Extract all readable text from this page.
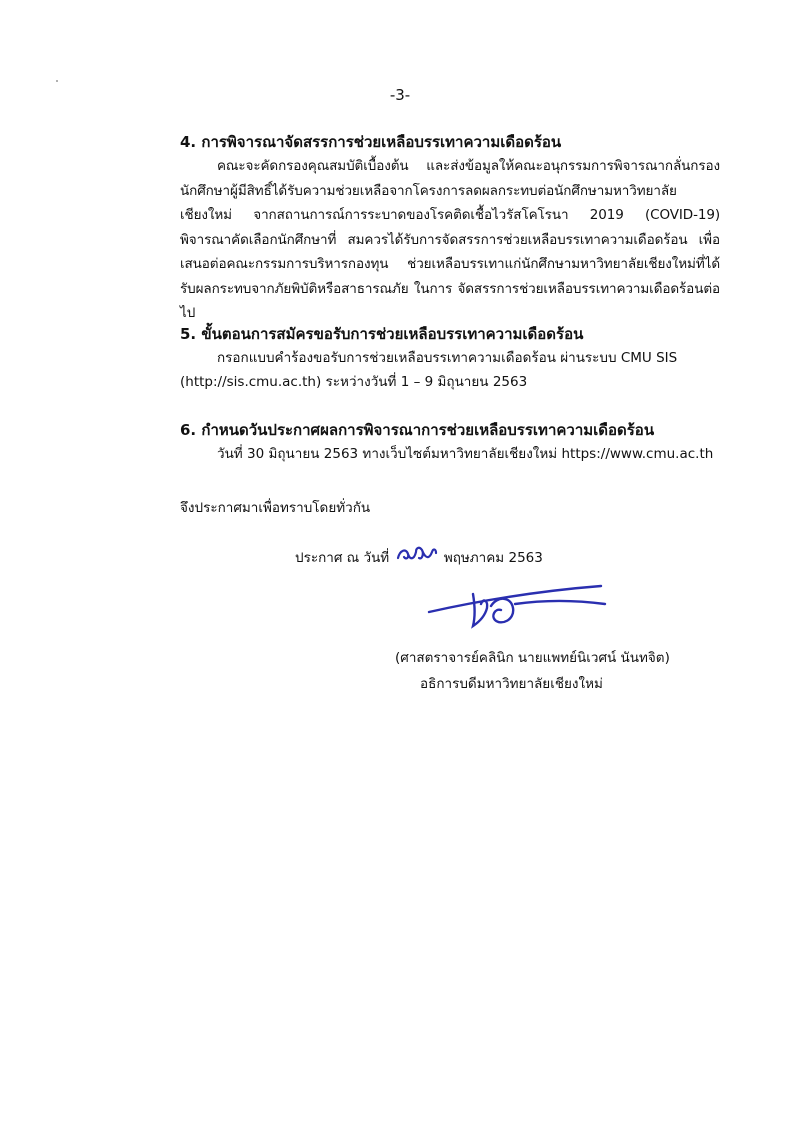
-3-
4. การพิจารณาจัดสรรการช่วยเหลือบรรเทาความเดือดร้อน

คณะจะคัดกรองคุณสมบัติเบื้องต้น และส่งข้อมูลให้คณะอนุกรรมการพิจารณากลั่นกรอง นักศึกษาผู้มีสิทธิ์ได้รับความช่วยเหลือจากโครงการลดผลกระทบต่อนักศึกษามหาวิทยาลัยเชียงใหม่ จากสถานการณ์การระบาดของโรคติดเชื้อไวรัสโคโรนา 2019 (COVID-19) พิจารณาคัดเลือกนักศึกษาที่ สมควรได้รับการจัดสรรการช่วยเหลือบรรเทาความเดือดร้อน เพื่อเสนอต่อคณะกรรมการบริหารกองทุน ช่วยเหลือบรรเทาแก่นักศึกษามหาวิทยาลัยเชียงใหม่ที่ได้รับผลกระทบจากภัยพิบัติหรือสาธารณภัย ในการ จัดสรรการช่วยเหลือบรรเทาความเดือดร้อนต่อไป

5. ขั้นตอนการสมัครขอรับการช่วยเหลือบรรเทาความเดือดร้อน

กรอกแบบคำร้องขอรับการช่วยเหลือบรรเทาความเดือดร้อน ผ่านระบบ CMU SIS

(http://sis.cmu.ac.th) ระหว่างวันที่ 1 – 9 มิถุนายน 2563

6. กำหนดวันประกาศผลการพิจารณาการช่วยเหลือบรรเทาความเดือดร้อน

วันที่ 30 มิถุนายน 2563 ทางเว็บไซต์มหาวิทยาลัยเชียงใหม่ https://www.cmu.ac.th

จึงประกาศมาเพื่อทราบโดยทั่วกัน

ประกาศ ณ วันที่	พฤษภาคม 2563

(ศาสตราจารย์คลินิก นายแพทย์นิเวศน์ นันทจิต)

อธิการบดีมหาวิทยาลัยเชียงใหม่
